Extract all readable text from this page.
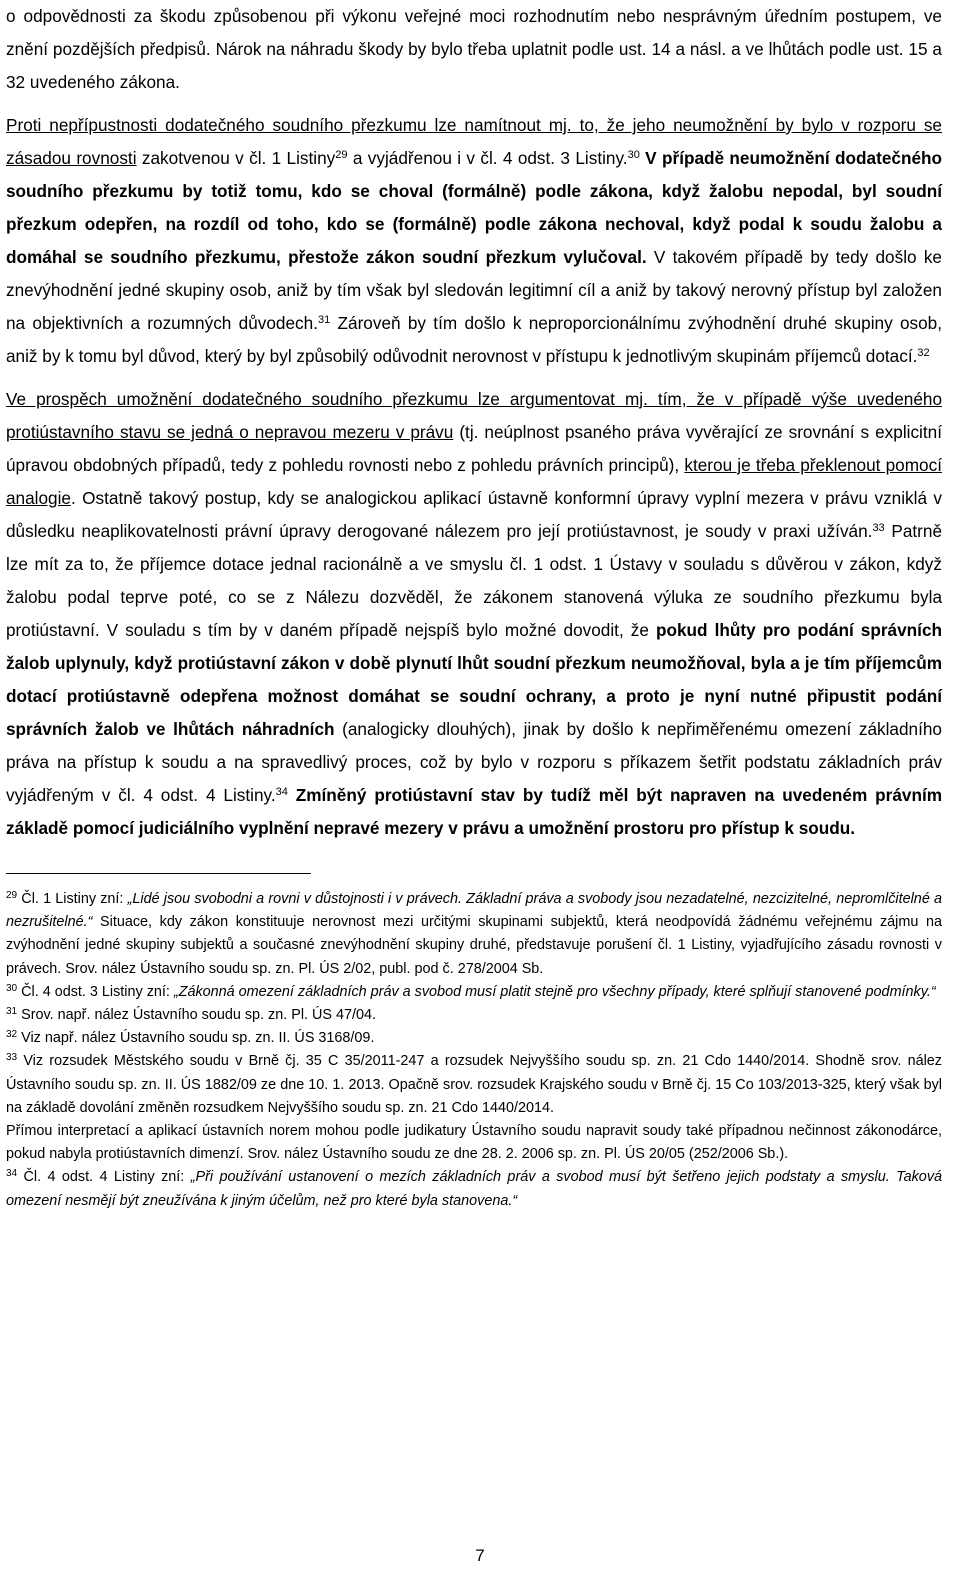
o odpovědnosti za škodu způsobenou při výkonu veřejné moci rozhodnutím nebo nesprávným úředním postupem, ve znění pozdějších předpisů. Nárok na náhradu škody by bylo třeba uplatnit podle ust. 14 a násl. a ve lhůtách podle ust. 15 a 32 uvedeného zákona.

Proti nepřípustnosti dodatečného soudního přezkumu lze namítnout mj. to, že jeho neumožnění by bylo v rozporu se zásadou rovnosti zakotvenou v čl. 1 Listiny$^{29}$ a vyjádřenou i v čl. 4 odst. 3 Listiny.$^{30}$ V případě neumožnění dodatečného soudního přezkumu by totiž tomu, kdo se choval (formálně) podle zákona, když žalobu nepodal, byl soudní přezkum odepřen, na rozdíl od toho, kdo se (formálně) podle zákona nechoval, když podal k soudu žalobu a domáhal se soudního přezkumu, přestože zákon soudní přezkum vylučoval. V takovém případě by tedy došlo ke znevýhodnění jedné skupiny osob, aniž by tím však byl sledován legitimní cíl a aniž by takový nerovný přístup byl založen na objektivních a rozumných důvodech.$^{31}$ Zároveň by tím došlo k neproporcionálnímu zvýhodnění druhé skupiny osob, aniž by k tomu byl důvod, který by byl způsobilý odůvodnit nerovnost v přístupu k jednotlivým skupinám příjemců dotací.$^{32}$

Ve prospěch umožnění dodatečného soudního přezkumu lze argumentovat mj. tím, že v případě výše uvedeného protiústavního stavu se jedná o nepravou mezeru v právu (tj. neúplnost psaného práva vyvěrající ze srovnání s explicitní úpravou obdobných případů, tedy z pohledu rovnosti nebo z pohledu právních principů), kterou je třeba překlenout pomocí analogie. Ostatně takový postup, kdy se analogickou aplikací ústavně konformní úpravy vyplní mezera v právu vzniklá v důsledku neaplikovatelnosti právní úpravy derogované nálezem pro její protiústavnost, je soudy v praxi užíván.$^{33}$ Patrně lze mít za to, že příjemce dotace jednal racionálně a ve smyslu čl. 1 odst. 1 Ústavy v souladu s důvěrou v zákon, když žalobu podal teprve poté, co se z Nálezu dozvěděl, že zákonem stanovená výluka ze soudního přezkumu byla protiústavní. V souladu s tím by v daném případě nejspíš bylo možné dovodit, že pokud lhůty pro podání správních žalob uplynuly, když protiústavní zákon v době plynutí lhůt soudní přezkum neumožňoval, byla a je tím příjemcům dotací protiústavně odepřena možnost domáhat se soudní ochrany, a proto je nyní nutné připustit podání správních žalob ve lhůtách náhradních (analogicky dlouhých), jinak by došlo k nepřiměřenému omezení základního práva na přístup k soudu a na spravedlivý proces, což by bylo v rozporu s příkazem šetřit podstatu základních práv vyjádřeným v čl. 4 odst. 4 Listiny.$^{34}$ Zmíněný protiústavní stav by tudíž měl být napraven na uvedeném právním základě pomocí judiciálního vyplnění nepravé mezery v právu a umožnění prostoru pro přístup k soudu.

$^{29}$ Čl. 1 Listiny zní: „Lidé jsou svobodni a rovni v důstojnosti i v právech. Základní práva a svobody jsou nezadatelné, nezcizitelné, nepromlčitelné a nezrušitelné.“ Situace, kdy zákon konstituuje nerovnost mezi určitými skupinami subjektů, která neodpovídá žádnému veřejnému zájmu na zvýhodnění jedné skupiny subjektů a současné znevýhodnění skupiny druhé, představuje porušení čl. 1 Listiny, vyjadřujícího zásadu rovnosti v právech. Srov. nález Ústavního soudu sp. zn. Pl. ÚS 2/02, publ. pod č. 278/2004 Sb.

$^{30}$ Čl. 4 odst. 3 Listiny zní: „Zákonná omezení základních práv a svobod musí platit stejně pro všechny případy, které splňují stanovené podmínky.“

$^{31}$ Srov. např. nález Ústavního soudu sp. zn. Pl. ÚS 47/04.

$^{32}$ Viz např. nález Ústavního soudu sp. zn. II. ÚS 3168/09.

$^{33}$ Viz rozsudek Městského soudu v Brně čj. 35 C 35/2011-247 a rozsudek Nejvyššího soudu sp. zn. 21 Cdo 1440/2014. Shodně srov. nález Ústavního soudu sp. zn. II. ÚS 1882/09 ze dne 10. 1. 2013. Opačně srov. rozsudek Krajského soudu v Brně čj. 15 Co 103/2013-325, který však byl na základě dovolání změněn rozsudkem Nejvyššího soudu sp. zn. 21 Cdo 1440/2014.

Přímou interpretací a aplikací ústavních norem mohou podle judikatury Ústavního soudu napravit soudy také případnou nečinnost zákonodárce, pokud nabyla protiústavních dimenzí. Srov. nález Ústavního soudu ze dne 28. 2. 2006 sp. zn. Pl. ÚS 20/05 (252/2006 Sb.).

$^{34}$ Čl. 4 odst. 4 Listiny zní: „Při používání ustanovení o mezích základních práv a svobod musí být šetřeno jejich podstaty a smyslu. Taková omezení nesmějí být zneužívána k jiným účelům, než pro které byla stanovena.“

7
